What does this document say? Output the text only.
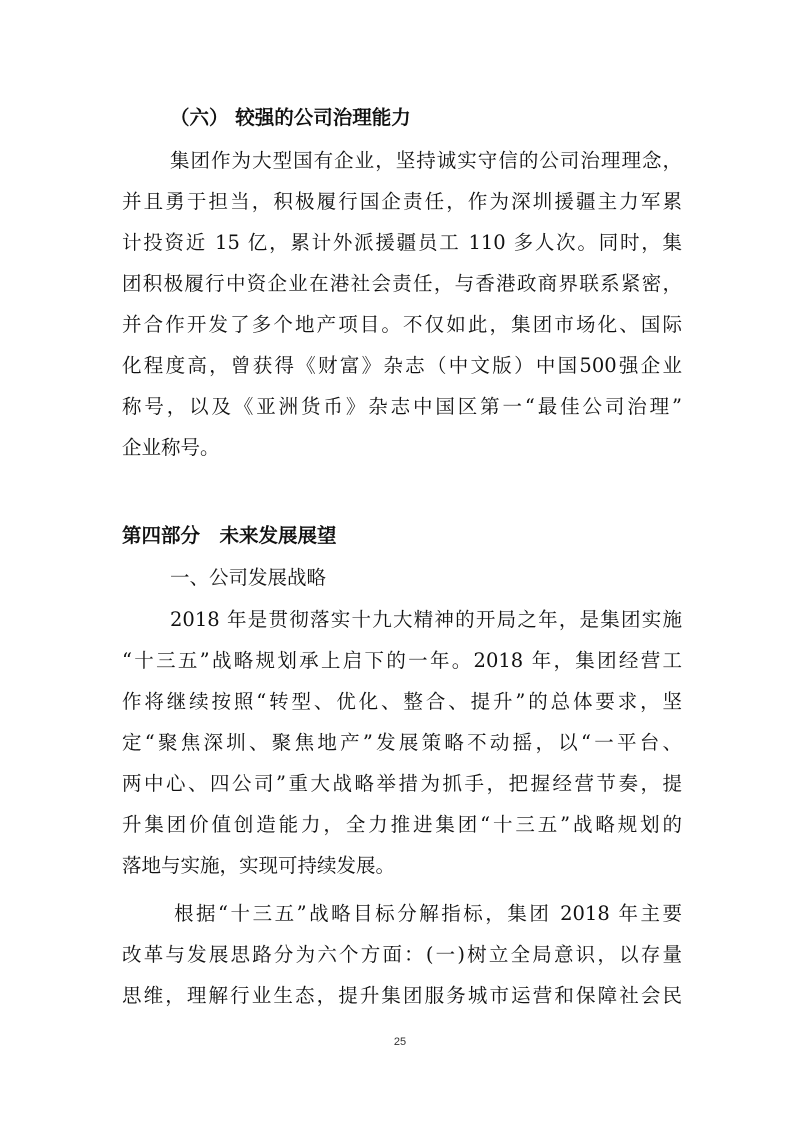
（六） 较强的公司治理能力
集团作为大型国有企业，坚持诚实守信的公司治理理念，
并且勇于担当，积极履行国企责任，作为深圳援疆主力军累
计投资近 15 亿，累计外派援疆员工 110 多人次。同时，集
团积极履行中资企业在港社会责任，与香港政商界联系紧密，
并合作开发了多个地产项目。不仅如此，集团市场化、国际
化程度高，曾获得《财富》杂志（中文版）中国500强企业
称号，以及《亚洲货币》杂志中国区第一“最佳公司治理”
企业称号。
第四部分　未来发展展望
一、公司发展战略
2018 年是贯彻落实十九大精神的开局之年，是集团实施
“十三五”战略规划承上启下的一年。2018 年，集团经营工
作将继续按照“转型、优化、整合、提升”的总体要求，坚
定“聚焦深圳、聚焦地产”发展策略不动摇，以“一平台、
两中心、四公司”重大战略举措为抓手，把握经营节奏，提
升集团价值创造能力，全力推进集团“十三五”战略规划的
落地与实施，实现可持续发展。
根据“十三五”战略目标分解指标，集团 2018 年主要
改革与发展思路分为六个方面：(一)树立全局意识，以存量
思维，理解行业生态，提升集团服务城市运营和保障社会民
25
